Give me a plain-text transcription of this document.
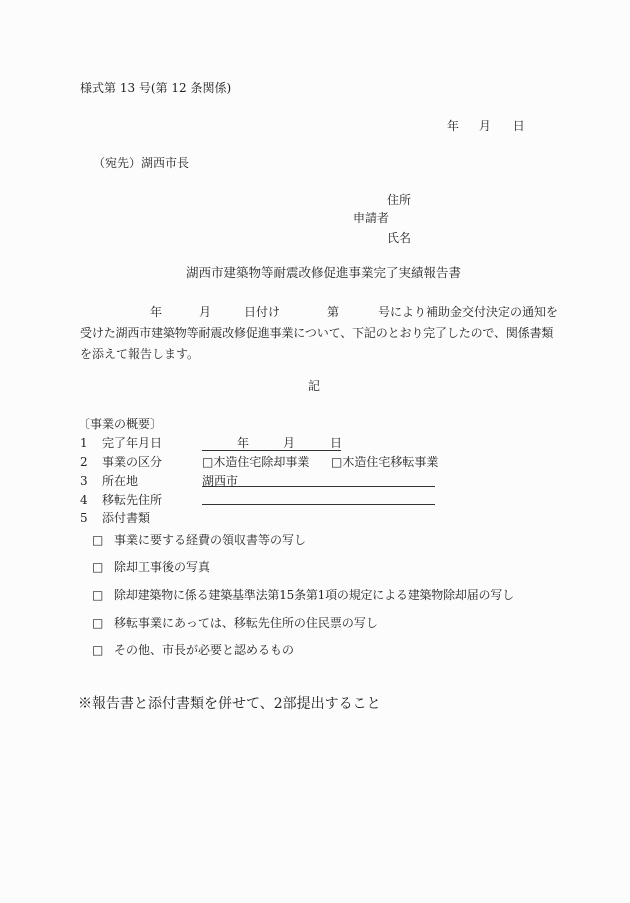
様式第 13 号(第 12 条関係)
年 月 日
（宛先）湖西市長
住所
申請者
氏名
湖西市建築物等耐震改修促進事業完了実績報告書
年	月	日付け	第	号により補助金交付決定の通知を
受けた湖西市建築物等耐震改修促進事業について、下記のとおり完了したので、関係書類
を添えて報告します。
記
〔事業の概要〕
1 完了年月日	年	月	日
2 事業の区分	□木造住宅除却事業 □木造住宅移転事業
3 所在地	湖西市
4 移転先住所
5 添付書類
□ 事業に要する経費の領収書等の写し
□ 除却工事後の写真
□ 除却建築物に係る建築基準法第15条第1項の規定による建築物除却届の写し
□ 移転事業にあっては、移転先住所の住民票の写し
□ その他、市長が必要と認めるもの
※報告書と添付書類を併せて、2部提出すること
